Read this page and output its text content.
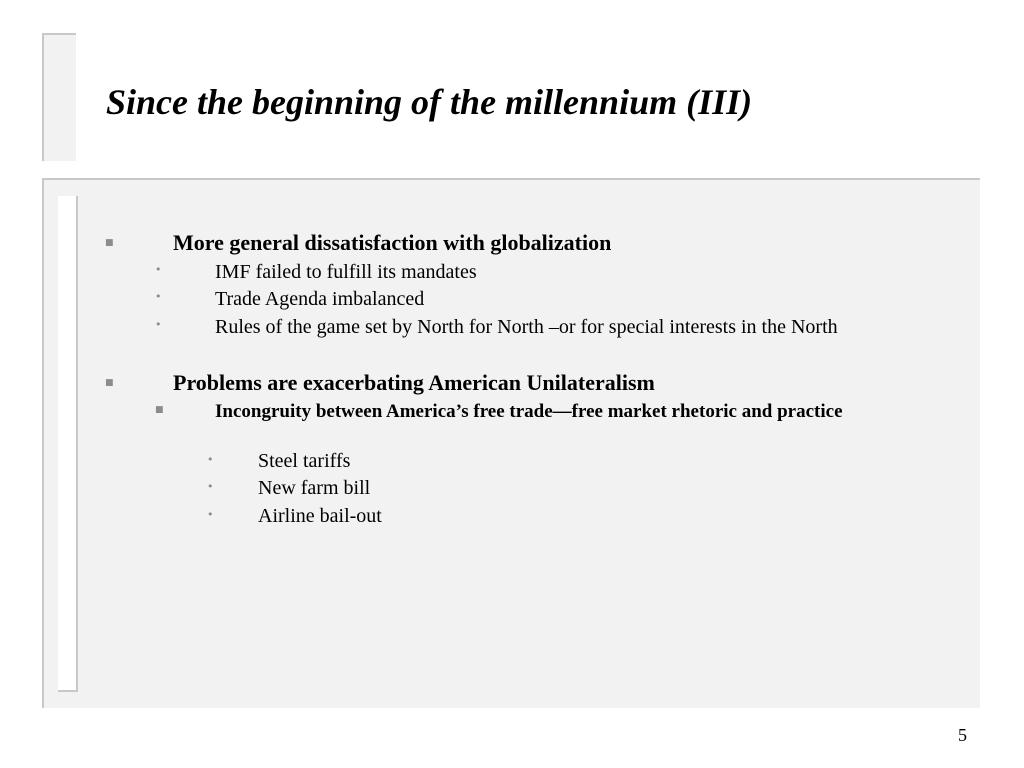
Since the beginning of the millennium (III)
■	More general dissatisfaction with globalization
•	IMF failed to fulfill its mandates
•	Trade Agenda imbalanced
•	Rules of the game set by North for North –or for special interests in the North
■	Problems are exacerbating American Unilateralism
■	Incongruity between America’s free trade—free market rhetoric and practice
• Steel tariffs
• New farm bill
• Airline bail-out
5
